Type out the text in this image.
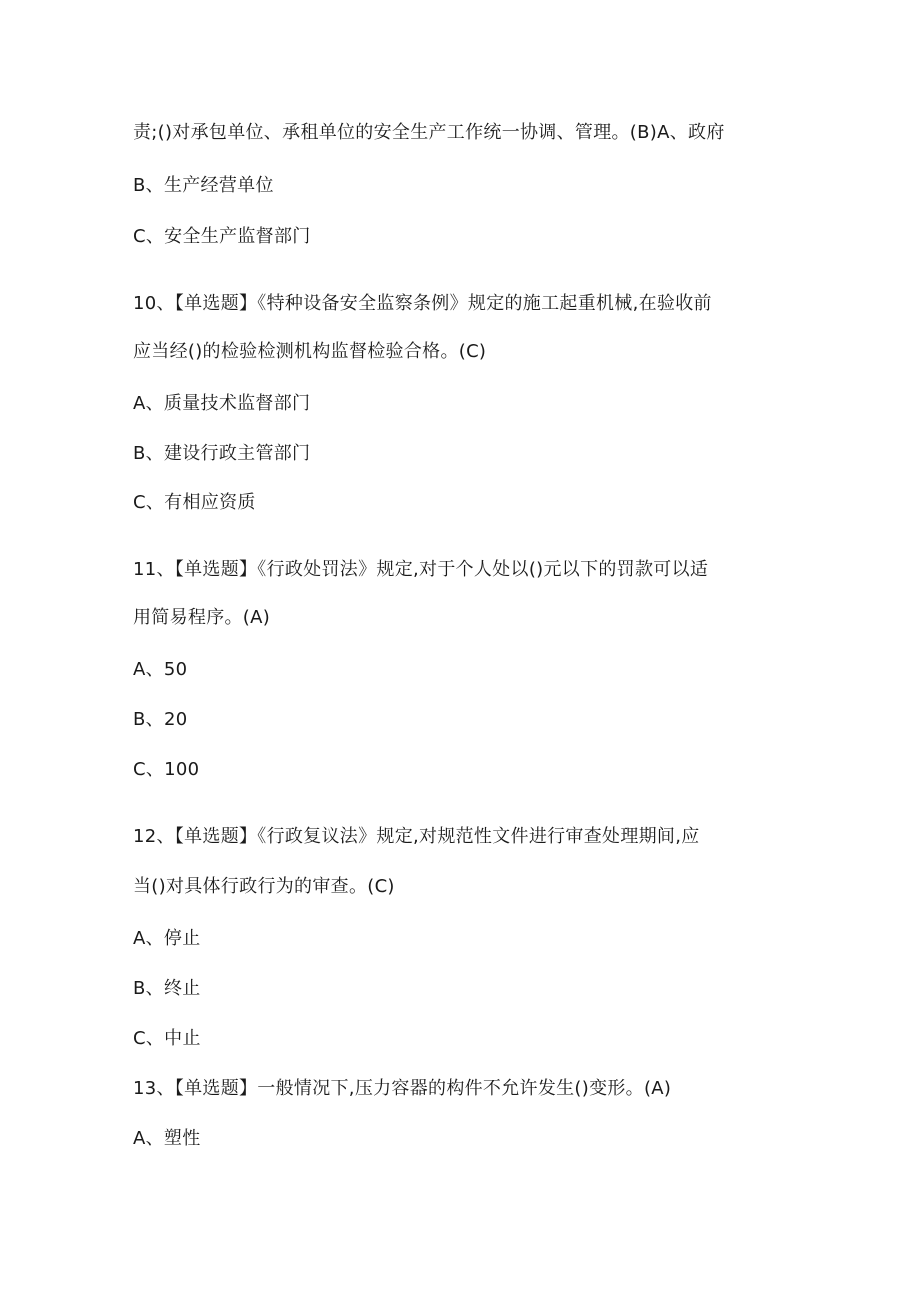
责;()对承包单位、承租单位的安全生产工作统一协调、管理。(B)A、政府
B、生产经营单位
C、安全生产监督部门
10、【单选题】《特种设备安全监察条例》规定的施工起重机械,在验收前
应当经()的检验检测机构监督检验合格。(C)
A、质量技术监督部门
B、建设行政主管部门
C、有相应资质
11、【单选题】《行政处罚法》规定,对于个人处以()元以下的罚款可以适
用简易程序。(A)
A、50
B、20
C、100
12、【单选题】《行政复议法》规定,对规范性文件进行审查处理期间,应
当()对具体行政行为的审查。(C)
A、停止
B、终止
C、中止
13、【单选题】一般情况下,压力容器的构件不允许发生()变形。(A)
A、塑性
